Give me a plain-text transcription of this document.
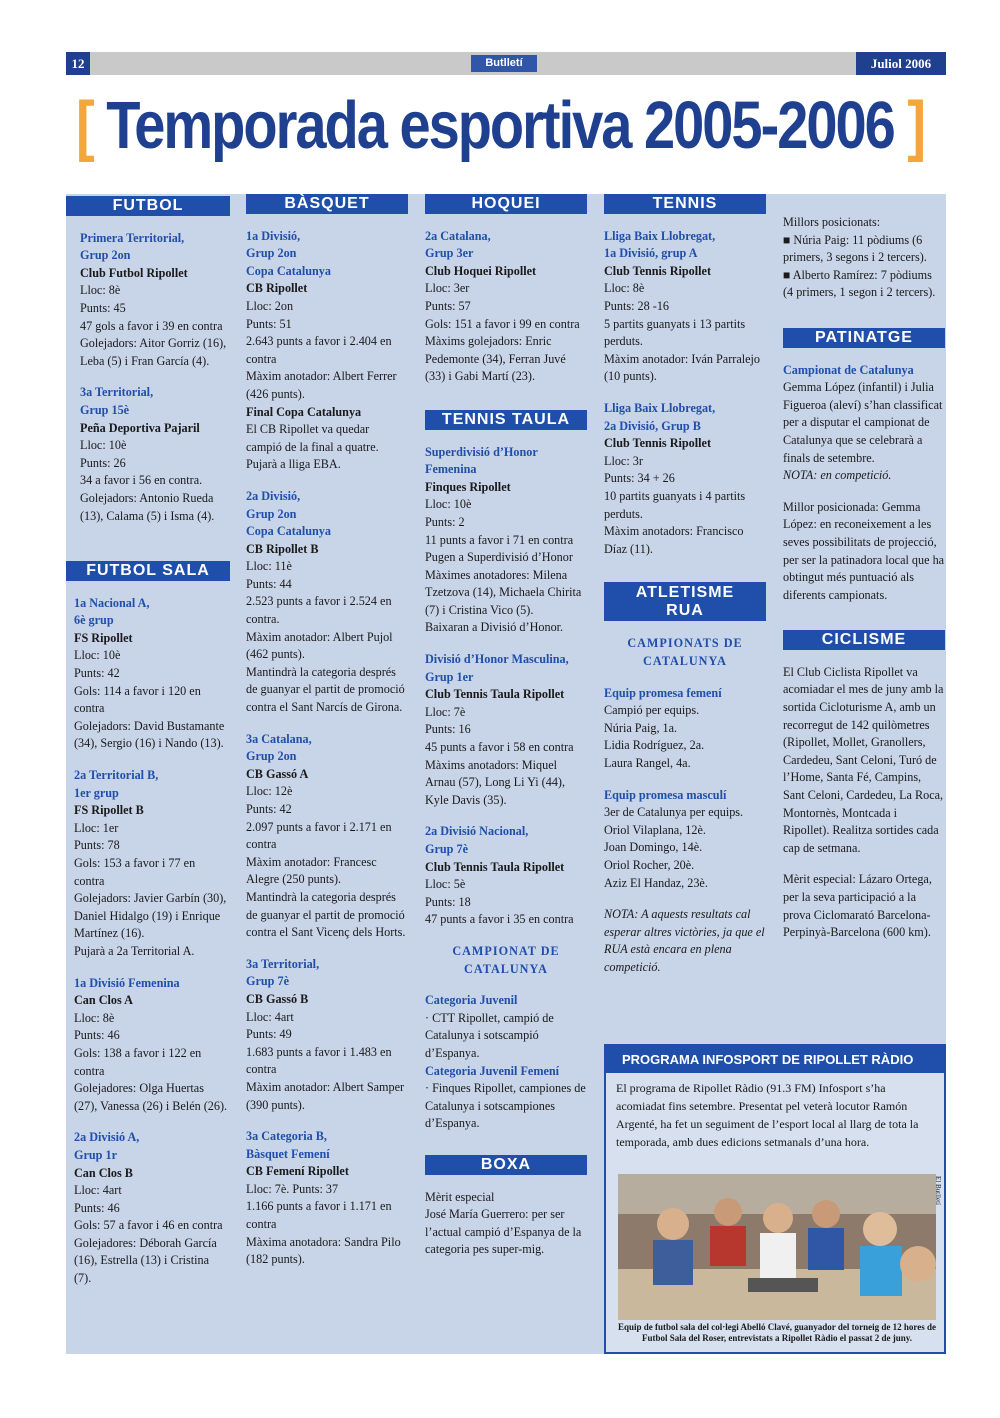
12	Butlletí	Juliol 2006
[ Temporada esportiva 2005-2006 ]
FUTBOL
Primera Territorial,
Grup 2on
Club Futbol Ripollet
Lloc: 8è
Punts: 45
47 gols a favor i 39 en contra
Golejadors: Aitor Gorriz (16), Leba (5) i Fran García (4).
3a Territorial,
Grup 15è
Peña Deportiva Pajaril
Lloc: 10è
Punts: 26
34 a favor i 56 en contra.
Golejadors: Antonio Rueda (13), Calama (5) i Isma (4).
FUTBOL SALA
1a Nacional A,
6è grup
FS Ripollet
Lloc: 10è
Punts: 42
Gols: 114 a favor i 120 en contra
Golejadors: David Bustamante (34), Sergio (16) i Nando (13).
2a Territorial B,
1er grup
FS Ripollet B
Lloc: 1er
Punts: 78
Gols: 153 a favor i 77 en contra
Golejadors: Javier Garbín (30), Daniel Hidalgo (19) i Enrique Martínez (16).
Pujarà a 2a Territorial A.
1a Divisió Femenina
Can Clos A
Lloc: 8è
Punts: 46
Gols: 138 a favor i 122 en contra
Golejadores: Olga Huertas (27), Vanessa (26) i Belén (26).
2a Divisió A,
Grup 1r
Can Clos B
Lloc: 4art
Punts: 46
Gols: 57 a favor i 46 en contra
Golejadores: Déborah García (16), Estrella (13) i Cristina (7).
BÀSQUET
1a Divisió,
Grup 2on
Copa Catalunya
CB Ripollet
Lloc: 2on
Punts: 51
2.643 punts a favor i 2.404 en contra
Màxim anotador: Albert Ferrer (426 punts).
Final Copa Catalunya
El CB Ripollet va quedar campió de la final a quatre. Pujarà a lliga EBA.
2a Divisió,
Grup 2on
Copa Catalunya
CB Ripollet B
Lloc: 11è
Punts: 44
2.523 punts a favor i 2.524 en contra.
Màxim anotador: Albert Pujol (462 punts).
Mantindrà la categoria després de guanyar el partit de promoció contra el Sant Narcís de Girona.
3a Catalana,
Grup 2on
CB Gassó A
Lloc: 12è
Punts: 42
2.097 punts a favor i 2.171 en contra
Màxim anotador: Francesc Alegre (250 punts).
Mantindrà la categoria després de guanyar el partit de promoció contra el Sant Vicenç dels Horts.
3a Territorial,
Grup 7è
CB Gassó B
Lloc: 4art
Punts: 49
1.683 punts a favor i 1.483 en contra
Màxim anotador: Albert Samper (390 punts).
3a Categoria B,
Bàsquet Femení
CB Femení Ripollet
Lloc: 7è. Punts: 37
1.166 punts a favor i 1.171 en contra
Màxima anotadora: Sandra Pilo (182 punts).
HOQUEI
2a Catalana,
Grup 3er
Club Hoquei Ripollet
Lloc: 3er
Punts: 57
Gols: 151 a favor i 99 en contra
Màxims golejadors: Enric Pedemonte (34), Ferran Juvé (33) i Gabi Martí (23).
TENNIS TAULA
Superdivisió d’Honor Femenina
Finques Ripollet
Lloc: 10è
Punts: 2
11 punts a favor i 71 en contra
Pugen a Superdivisió d’Honor
Màximes anotadores: Milena Tzetzova (14), Michaela Chirita (7) i Cristina Vico (5).
Baixaran a Divisió d’Honor.
Divisió d’Honor Masculina,
Grup 1er
Club Tennis Taula Ripollet
Lloc: 7è
Punts: 16
45 punts a favor i 58 en contra
Màxims anotadors: Miquel Arnau (57), Long Li Yi (44), Kyle Davis (35).
2a Divisió Nacional,
Grup 7è
Club Tennis Taula Ripollet
Lloc: 5è
Punts: 18
47 punts a favor i 35 en contra
CAMPIONAT DE CATALUNYA
Categoria Juvenil
· CTT Ripollet, campió de Catalunya i sotscampió d’Espanya.
Categoria Juvenil Femení
· Finques Ripollet, campiones de Catalunya i sotscampiones d’Espanya.
BOXA
Mèrit especial
José María Guerrero: per ser l’actual campió d’Espanya de la categoria pes super-mig.
TENNIS
Lliga Baix Llobregat,
1a Divisió, grup A
Club Tennis Ripollet
Lloc: 8è
Punts: 28 -16
5 partits guanyats i 13 partits perduts.
Màxim anotador: Iván Parralejo (10 punts).
Lliga Baix Llobregat,
2a Divisió, Grup B
Club Tennis Ripollet
Lloc: 3r
Punts: 34 + 26
10 partits guanyats i 4 partits perduts.
Màxim anotadors: Francisco Díaz (11).
ATLETISME RUA
CAMPIONATS DE CATALUNYA
Equip promesa femení
Campió per equips.
Núria Paig, 1a.
Lidia Rodríguez, 2a.
Laura Rangel, 4a.
Equip promesa masculí
3er de Catalunya per equips.
Oriol Vilaplana, 12è.
Joan Domingo, 14è.
Oriol Rocher, 20è.
Aziz El Handaz, 23è.
NOTA: A aquests resultats cal esperar altres victòries, ja que el RUA està encara en plena competició.
Millors posicionats:
■ Núria Paig: 11 pòdiums (6 primers, 3 segons i 2 tercers).
■ Alberto Ramírez: 7 pòdiums (4 primers, 1 segon i 2 tercers).
PATINATGE
Campionat de Catalunya
Gemma López (infantil) i Julia Figueroa (aleví) s’han classificat per a disputar el campionat de Catalunya que se celebrarà a finals de setembre.
NOTA: en competició.
Millor posicionada: Gemma López: en reconeixement a les seves possibilitats de projecció, per ser la patinadora local que ha obtingut més puntuació als diferents campionats.
CICLISME
El Club Ciclista Ripollet va acomiadar el mes de juny amb la sortida Cicloturisme A, amb un recorregut de 142 quilòmetres (Ripollet, Mollet, Granollers, Cardedeu, Sant Celoni, Turó de l’Home, Santa Fé, Campins, Sant Celoni, Cardedeu, La Roca, Montornès, Montcada i Ripollet). Realitza sortides cada cap de setmana.
Mèrit especial: Lázaro Ortega, per la seva participació a la prova Ciclomarató Barcelona-Perpinyà-Barcelona (600 km).
PROGRAMA INFOSPORT DE RIPOLLET RÀDIO
El programa de Ripollet Ràdio (91.3 FM) Infosport s’ha acomiadat fins setembre. Presentat pel veterà locutor Ramón Argenté, ha fet un seguiment de l’esport local al llarg de tota la temporada, amb dues edicions setmanals d’una hora.
El Butlletí
Equip de futbol sala del col·legi Abelló Clavé, guanyador del torneig de 12 hores de Futbol Sala del Roser, entrevistats a Ripollet Ràdio el passat 2 de juny.
